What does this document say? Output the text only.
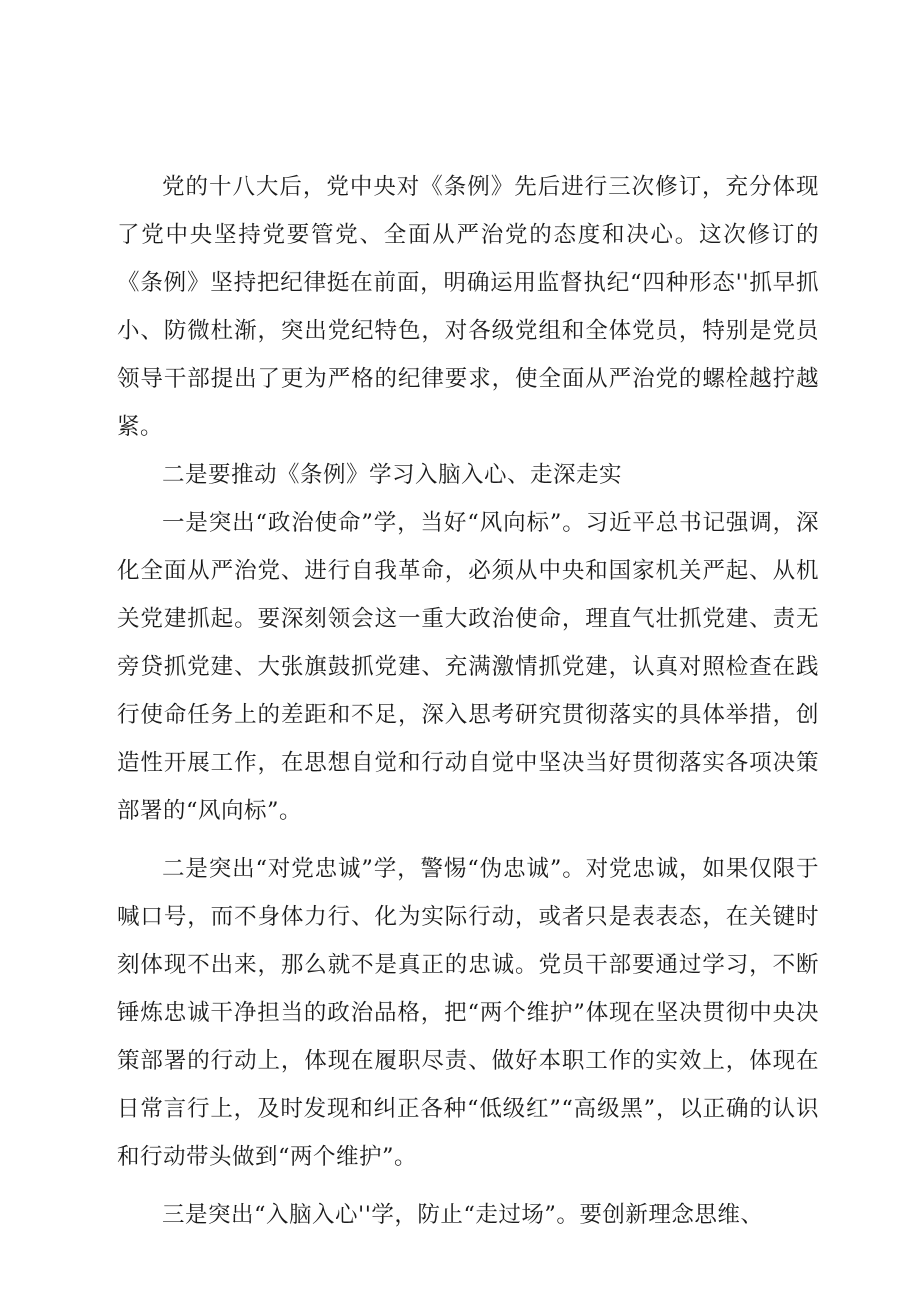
党的十八大后，党中央对《条例》先后进行三次修订，充分体现了党中央坚持党要管党、全面从严治党的态度和决心。这次修订的《条例》坚持把纪律挺在前面，明确运用监督执纪“四种形态''抓早抓小、防微杜渐，突出党纪特色，对各级党组和全体党员，特别是党员领导干部提出了更为严格的纪律要求，使全面从严治党的螺栓越拧越紧。

二是要推动《条例》学习入脑入心、走深走实

一是突出“政治使命”学，当好“风向标”。习近平总书记强调，深化全面从严治党、进行自我革命，必须从中央和国家机关严起、从机关党建抓起。要深刻领会这一重大政治使命，理直气壮抓党建、责无旁贷抓党建、大张旗鼓抓党建、充满激情抓党建，认真对照检查在践行使命任务上的差距和不足，深入思考研究贯彻落实的具体举措，创造性开展工作，在思想自觉和行动自觉中坚决当好贯彻落实各项决策部署的“风向标”。

二是突出“对党忠诚”学，警惕“伪忠诚”。对党忠诚，如果仅限于喊口号，而不身体力行、化为实际行动，或者只是表表态，在关键时刻体现不出来，那么就不是真正的忠诚。党员干部要通过学习，不断锤炼忠诚干净担当的政治品格，把“两个维护”体现在坚决贯彻中央决策部署的行动上，体现在履职尽责、做好本职工作的实效上，体现在日常言行上，及时发现和纠正各种“低级红”“高级黑”，以正确的认识和行动带头做到“两个维护”。

三是突出“入脑入心''学，防止“走过场”。要创新理念思维、
